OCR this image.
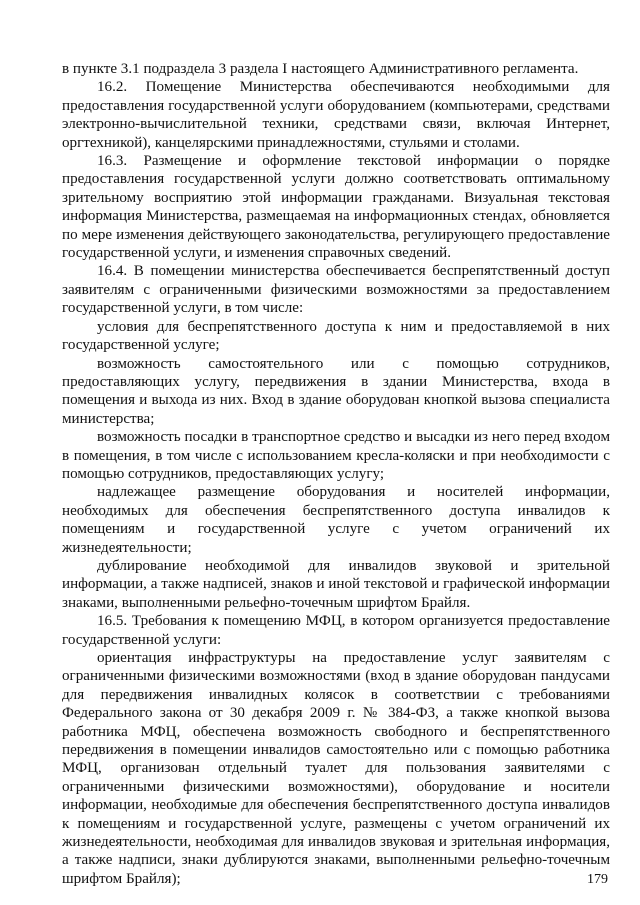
в пункте 3.1 подраздела 3 раздела I настоящего Административного регламента.

16.2. Помещение Министерства обеспечиваются необходимыми для предоставления государственной услуги оборудованием (компьютерами, средствами электронно-вычислительной техники, средствами связи, включая Интернет, оргтехникой), канцелярскими принадлежностями, стульями и столами.

16.3. Размещение и оформление текстовой информации о порядке предоставления государственной услуги должно соответствовать оптимальному зрительному восприятию этой информации гражданами. Визуальная текстовая информация Министерства, размещаемая на информационных стендах, обновляется по мере изменения действующего законодательства, регулирующего предоставление государственной услуги, и изменения справочных сведений.

16.4. В помещении министерства обеспечивается беспрепятственный доступ заявителям с ограниченными физическими возможностями за предоставлением государственной услуги, в том числе:

условия для беспрепятственного доступа к ним и предоставляемой в них государственной услуге;

возможность самостоятельного или с помощью сотрудников, предоставляющих услугу, передвижения в здании Министерства, входа в помещения и выхода из них. Вход в здание оборудован кнопкой вызова специалиста министерства;

возможность посадки в транспортное средство и высадки из него перед входом в помещения, в том числе с использованием кресла-коляски и при необходимости с помощью сотрудников, предоставляющих услугу;

надлежащее размещение оборудования и носителей информации, необходимых для обеспечения беспрепятственного доступа инвалидов к помещениям и государственной услуге с учетом ограничений их жизнедеятельности;

дублирование необходимой для инвалидов звуковой и зрительной информации, а также надписей, знаков и иной текстовой и графической информации знаками, выполненными рельефно-точечным шрифтом Брайля.

16.5. Требования к помещению МФЦ, в котором организуется предоставление государственной услуги:

ориентация инфраструктуры на предоставление услуг заявителям с ограниченными физическими возможностями (вход в здание оборудован пандусами для передвижения инвалидных колясок в соответствии с требованиями Федерального закона от 30 декабря 2009 г. № 384-ФЗ, а также кнопкой вызова работника МФЦ, обеспечена возможность свободного и беспрепятственного передвижения в помещении инвалидов самостоятельно или с помощью работника МФЦ, организован отдельный туалет для пользования заявителями с ограниченными физическими возможностями), оборудование и носители информации, необходимые для обеспечения беспрепятственного доступа инвалидов к помещениям и государственной услуге, размещены с учетом ограничений их жизнедеятельности, необходимая для инвалидов звуковая и зрительная информация, а также надписи, знаки дублируются знаками, выполненными рельефно-точечным шрифтом Брайля);	179
